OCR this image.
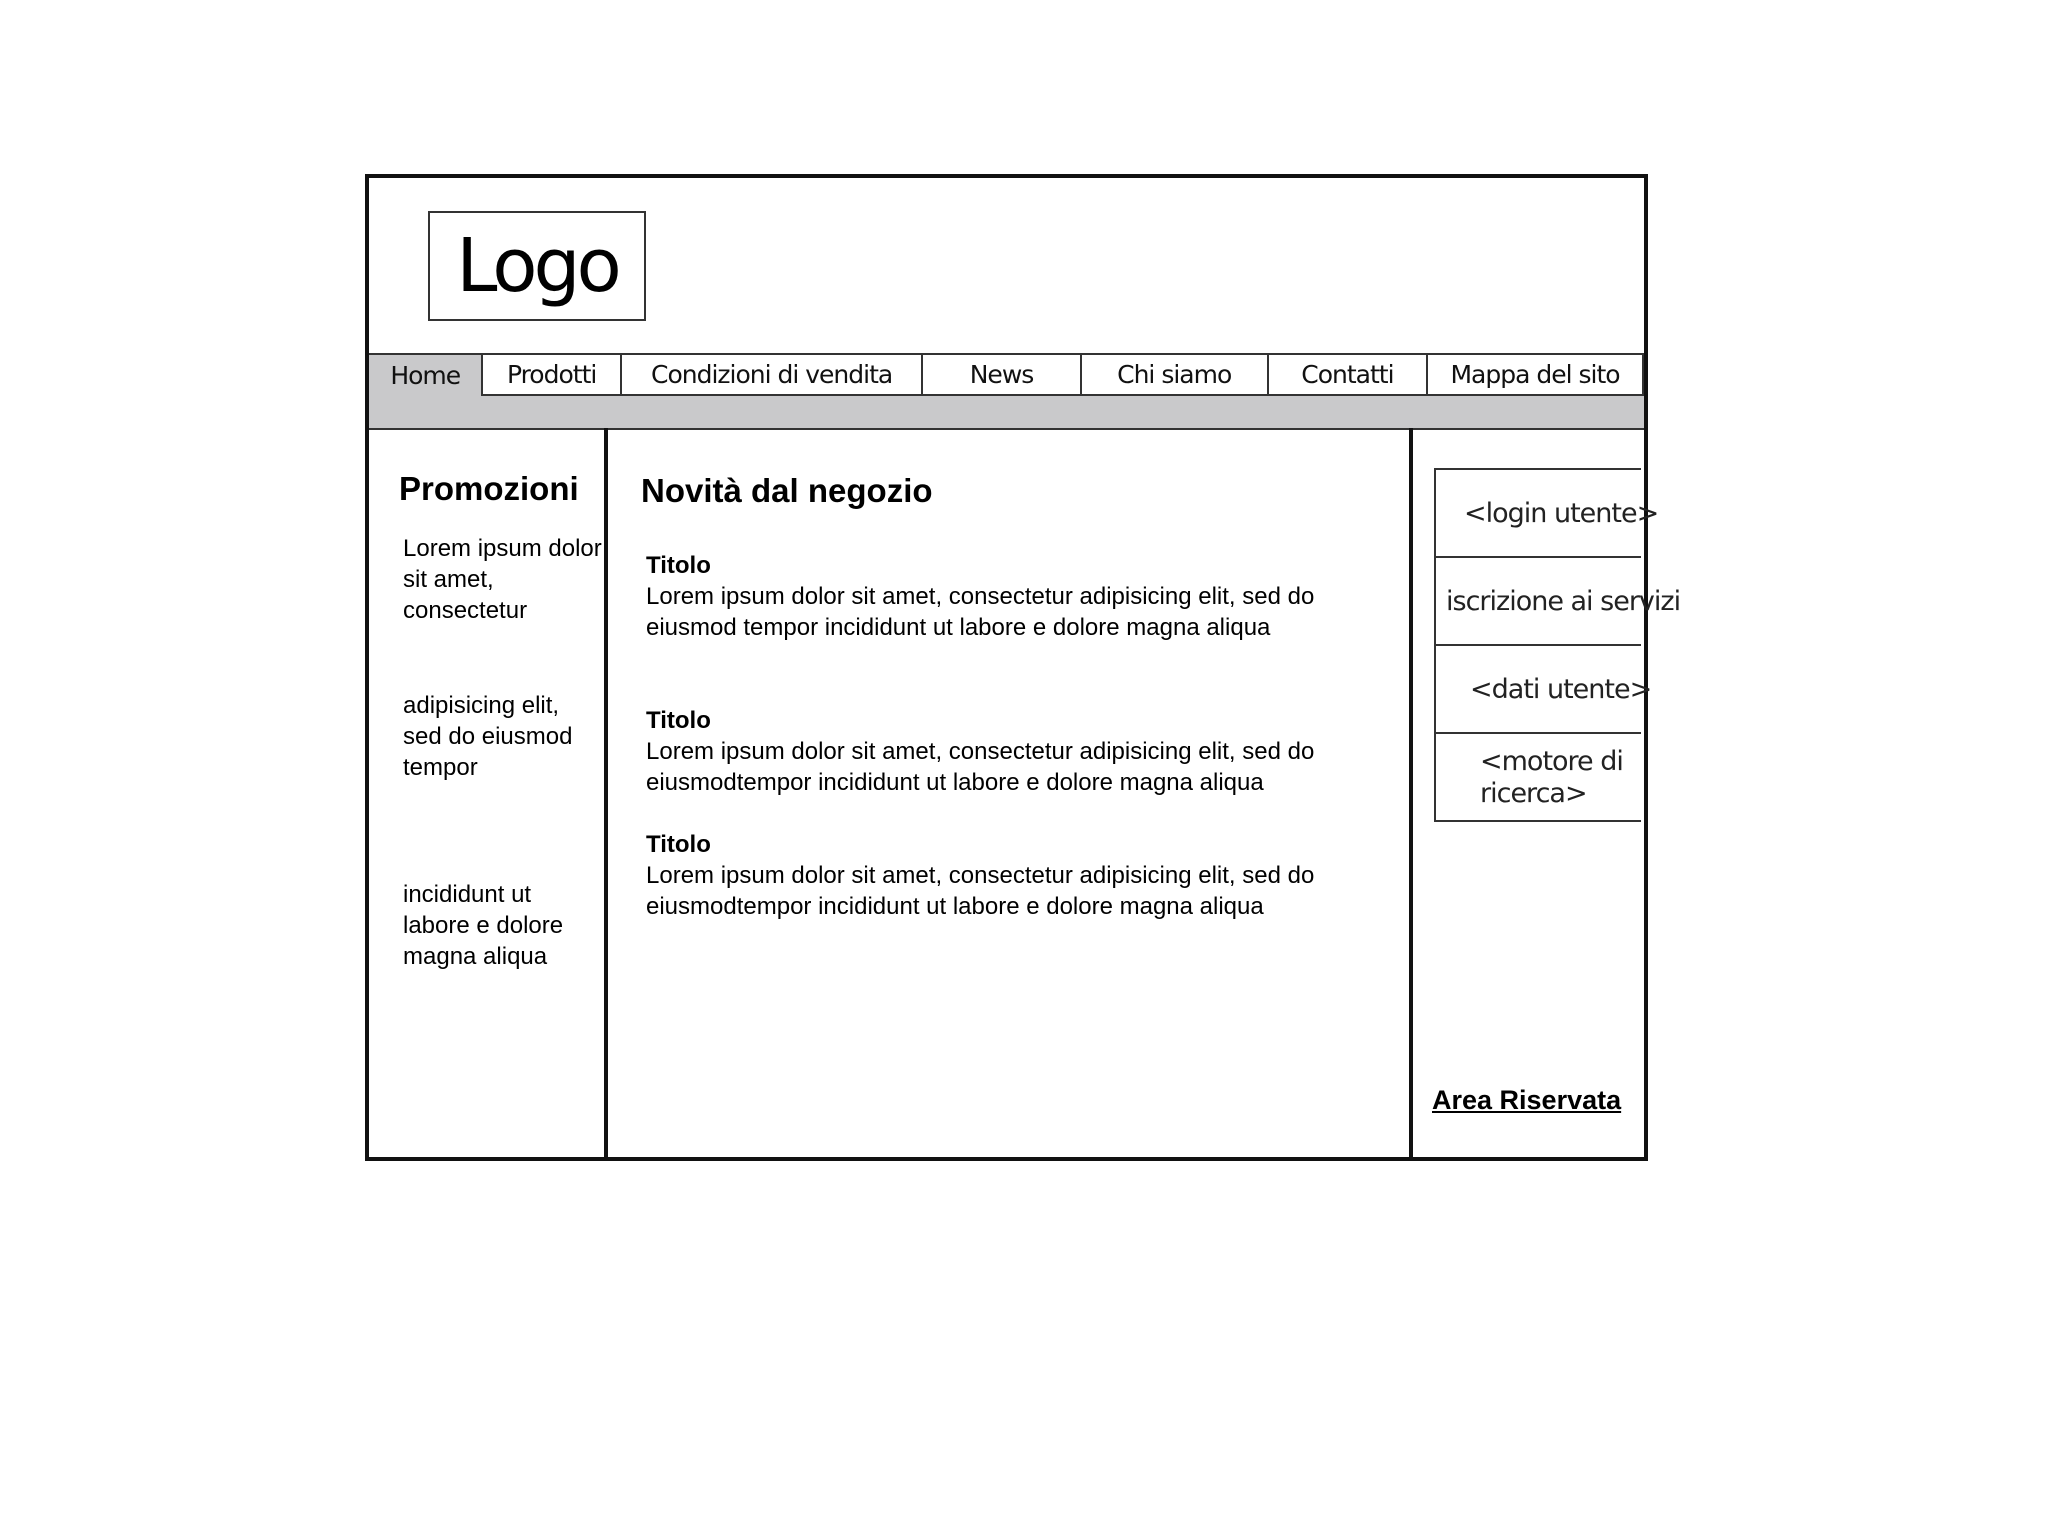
Logo
Home	Prodotti	Condizioni di vendita	News	Chi siamo	Contatti	Mappa del sito
Promozioni
Lorem ipsum dolor sit amet, consectetur
adipisicing elit, sed do eiusmod tempor
incididunt ut labore e dolore magna aliqua
Novità dal negozio
Titolo
Lorem ipsum dolor sit amet, consectetur adipisicing elit, sed do eiusmod tempor incididunt ut labore e dolore magna aliqua
Titolo
Lorem ipsum dolor sit amet, consectetur adipisicing elit, sed do eiusmodtempor incididunt ut labore e dolore magna aliqua
Titolo
Lorem ipsum dolor sit amet, consectetur adipisicing elit, sed do eiusmodtempor incididunt ut labore e dolore magna aliqua
<login utente>
iscrizione ai servizi
<dati utente>
<motore di ricerca>
Area Riservata
